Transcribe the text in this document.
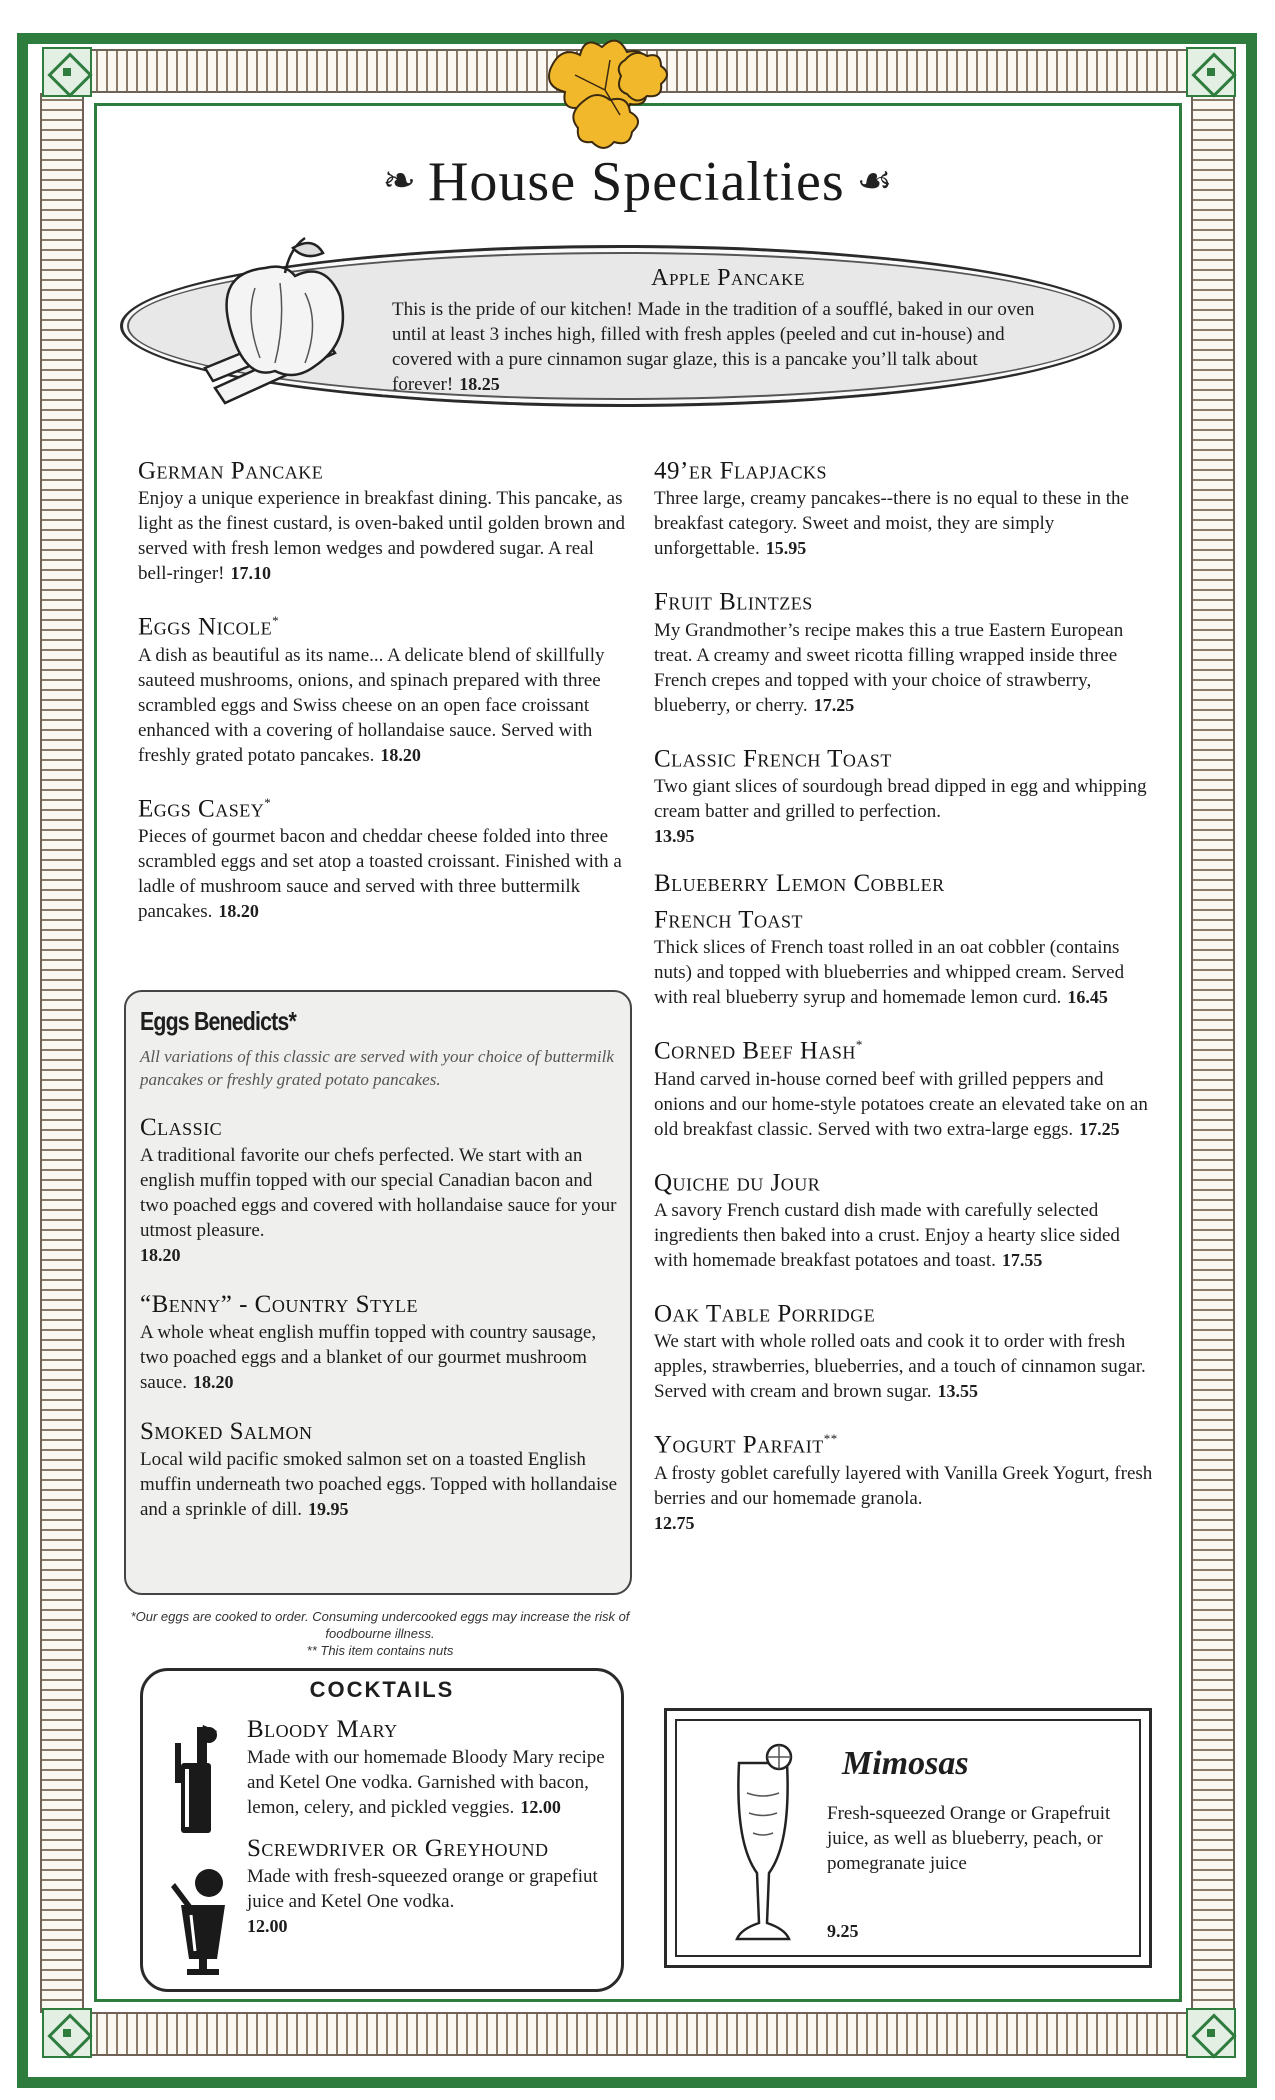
❧ House Specialties ☙
Apple Pancake
This is the pride of our kitchen! Made in the tradition of a soufflé, baked in our oven until at least 3 inches high, filled with fresh apples (peeled and cut in-house) and covered with a pure cinnamon sugar glaze, this is a pancake you’ll talk about forever! 18.25
German Pancake
Enjoy a unique experience in breakfast dining. This pancake, as light as the finest custard, is oven-baked until golden brown and served with fresh lemon wedges and powdered sugar. A real bell-ringer! 17.10
Eggs Nicole*
A dish as beautiful as its name... A delicate blend of skillfully sauteed mushrooms, onions, and spinach prepared with three scrambled eggs and Swiss cheese on an open face croissant enhanced with a covering of hollandaise sauce. Served with freshly grated potato pancakes. 18.20
Eggs Casey*
Pieces of gourmet bacon and cheddar cheese folded into three scrambled eggs and set atop a toasted croissant. Finished with a ladle of mushroom sauce and served with three buttermilk pancakes. 18.20
Eggs Benedicts*
All variations of this classic are served with your choice of buttermilk pancakes or freshly grated potato pancakes.
Classic
A traditional favorite our chefs perfected. We start with an english muffin topped with our special Canadian bacon and two poached eggs and covered with hollandaise sauce for your utmost pleasure.
18.20
“Benny” - Country Style
A whole wheat english muffin topped with country sausage, two poached eggs and a blanket of our gourmet mushroom sauce. 18.20
Smoked Salmon
Local wild pacific smoked salmon set on a toasted English muffin underneath two poached eggs. Topped with hollandaise and a sprinkle of dill. 19.95
*Our eggs are cooked to order. Consuming undercooked eggs may increase the risk of foodbourne illness.
** This item contains nuts
49’er Flapjacks
Three large, creamy pancakes--there is no equal to these in the breakfast category. Sweet and moist, they are simply unforgettable. 15.95
Fruit Blintzes
My Grandmother’s recipe makes this a true Eastern European treat. A creamy and sweet ricotta filling wrapped inside three French crepes and topped with your choice of strawberry, blueberry, or cherry. 17.25
Classic French Toast
Two giant slices of sourdough bread dipped in egg and whipping cream batter and grilled to perfection.
13.95
Blueberry Lemon Cobbler French Toast
Thick slices of French toast rolled in an oat cobbler (contains nuts) and topped with blueberries and whipped cream. Served with real blueberry syrup and homemade lemon curd. 16.45
Corned Beef Hash*
Hand carved in-house corned beef with grilled peppers and onions and our home-style potatoes create an elevated take on an old breakfast classic. Served with two extra-large eggs. 17.25
Quiche du Jour
A savory French custard dish made with carefully selected ingredients then baked into a crust. Enjoy a hearty slice sided with homemade breakfast potatoes and toast. 17.55
Oak Table Porridge
We start with whole rolled oats and cook it to order with fresh apples, strawberries, blueberries, and a touch of cinnamon sugar. Served with cream and brown sugar. 13.55
Yogurt Parfait**
A frosty goblet carefully layered with Vanilla Greek Yogurt, fresh berries and our homemade granola.
12.75
COCKTAILS
Bloody Mary
Made with our homemade Bloody Mary recipe and Ketel One vodka. Garnished with bacon, lemon, celery, and pickled veggies. 12.00
Screwdriver or Greyhound
Made with fresh-squeezed orange or grapefiut juice and Ketel One vodka.
12.00
Mimosas
Fresh-squeezed Orange or Grapefruit juice, as well as blueberry, peach, or pomegranate juice
9.25
